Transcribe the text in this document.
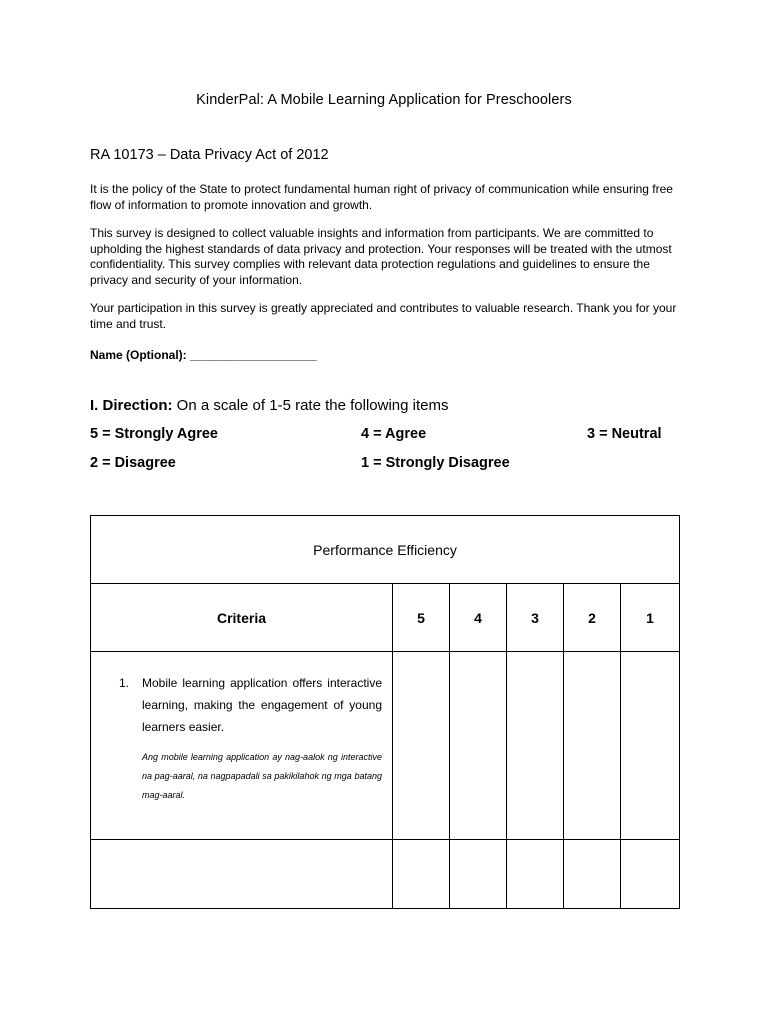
KinderPal: A Mobile Learning Application for Preschoolers
RA 10173 – Data Privacy Act of 2012
It is the policy of the State to protect fundamental human right of privacy of communication while ensuring free flow of information to promote innovation and growth.
This survey is designed to collect valuable insights and information from participants. We are committed to upholding the highest standards of data privacy and protection. Your responses will be treated with the utmost confidentiality. This survey complies with relevant data protection regulations and guidelines to ensure the privacy and security of your information.
Your participation in this survey is greatly appreciated and contributes to valuable research. Thank you for your time and trust.
Name (Optional): ___________________
I. Direction: On a scale of 1-5 rate the following items
5 = Strongly Agree	4 = Agree	3 = Neutral
2 = Disagree	1 = Strongly Disagree
Performance Efficiency					
Criteria	5	4	3	2	1

1. Mobile learning application offers interactive learning, making the engagement of young learners easier.
Ang mobile learning application ay nag-aalok ng interactive na pag-aaral, na nagpapadali sa pakikilahok ng mga batang mag-aaral.					
